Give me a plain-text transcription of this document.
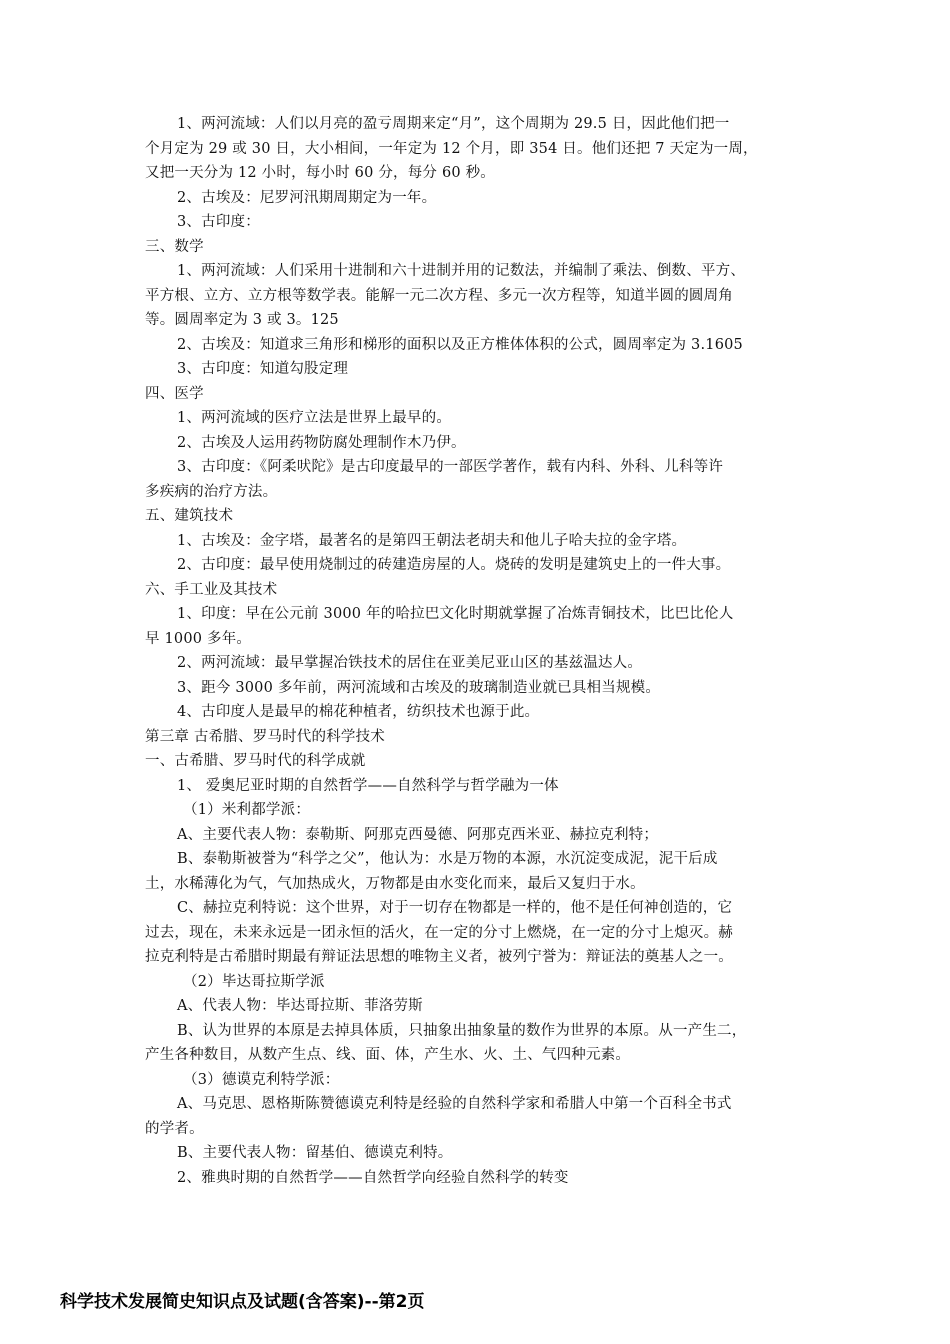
1、两河流域：人们以月亮的盈亏周期来定“月”，这个周期为 29.5 日，因此他们把一
个月定为 29 或 30 日，大小相间，一年定为 12 个月，即 354 日。他们还把 7 天定为一周，
又把一天分为 12 小时，每小时 60 分，每分 60 秒。
2、古埃及：尼罗河汛期周期定为一年。
3、古印度：
三、数学
1、两河流域：人们采用十进制和六十进制并用的记数法，并编制了乘法、倒数、平方、
平方根、立方、立方根等数学表。能解一元二次方程、多元一次方程等，知道半圆的圆周角
等。圆周率定为 3 或 3。125
2、古埃及：知道求三角形和梯形的面积以及正方椎体体积的公式，圆周率定为 3.1605
3、古印度：知道勾股定理
四、医学
1、两河流域的医疗立法是世界上最早的。
2、古埃及人运用药物防腐处理制作木乃伊。
3、古印度：《阿柔吠陀》是古印度最早的一部医学著作，载有内科、外科、儿科等许
多疾病的治疗方法。
五、建筑技术
1、古埃及：金字塔，最著名的是第四王朝法老胡夫和他儿子哈夫拉的金字塔。
2、古印度：最早使用烧制过的砖建造房屋的人。烧砖的发明是建筑史上的一件大事。
六、手工业及其技术
1、印度：早在公元前 3000 年的哈拉巴文化时期就掌握了冶炼青铜技术，比巴比伦人
早 1000 多年。
2、两河流域：最早掌握冶铁技术的居住在亚美尼亚山区的基兹温达人。
3、距今 3000 多年前，两河流域和古埃及的玻璃制造业就已具相当规模。
4、古印度人是最早的棉花种植者，纺织技术也源于此。
第三章 古希腊、罗马时代的科学技术
一、古希腊、罗马时代的科学成就
1、 爱奥尼亚时期的自然哲学——自然科学与哲学融为一体
（1）米利都学派：
A、主要代表人物：泰勒斯、阿那克西曼德、阿那克西米亚、赫拉克利特；
B、泰勒斯被誉为“科学之父”，他认为：水是万物的本源，水沉淀变成泥，泥干后成
土，水稀薄化为气，气加热成火，万物都是由水变化而来，最后又复归于水。
C、赫拉克利特说：这个世界，对于一切存在物都是一样的，他不是任何神创造的，它
过去，现在，未来永远是一团永恒的活火，在一定的分寸上燃烧，在一定的分寸上熄灭。赫
拉克利特是古希腊时期最有辩证法思想的唯物主义者，被列宁誉为：辩证法的奠基人之一。
（2）毕达哥拉斯学派
A、代表人物：毕达哥拉斯、菲洛劳斯
B、认为世界的本原是去掉具体质，只抽象出抽象量的数作为世界的本原。从一产生二，
产生各种数目，从数产生点、线、面、体，产生水、火、土、气四种元素。
（3）德谟克利特学派：
A、马克思、恩格斯陈赞德谟克利特是经验的自然科学家和希腊人中第一个百科全书式
的学者。
B、主要代表人物：留基伯、德谟克利特。
2、雅典时期的自然哲学——自然哲学向经验自然科学的转变
科学技术发展简史知识点及试题(含答案)--第2页
